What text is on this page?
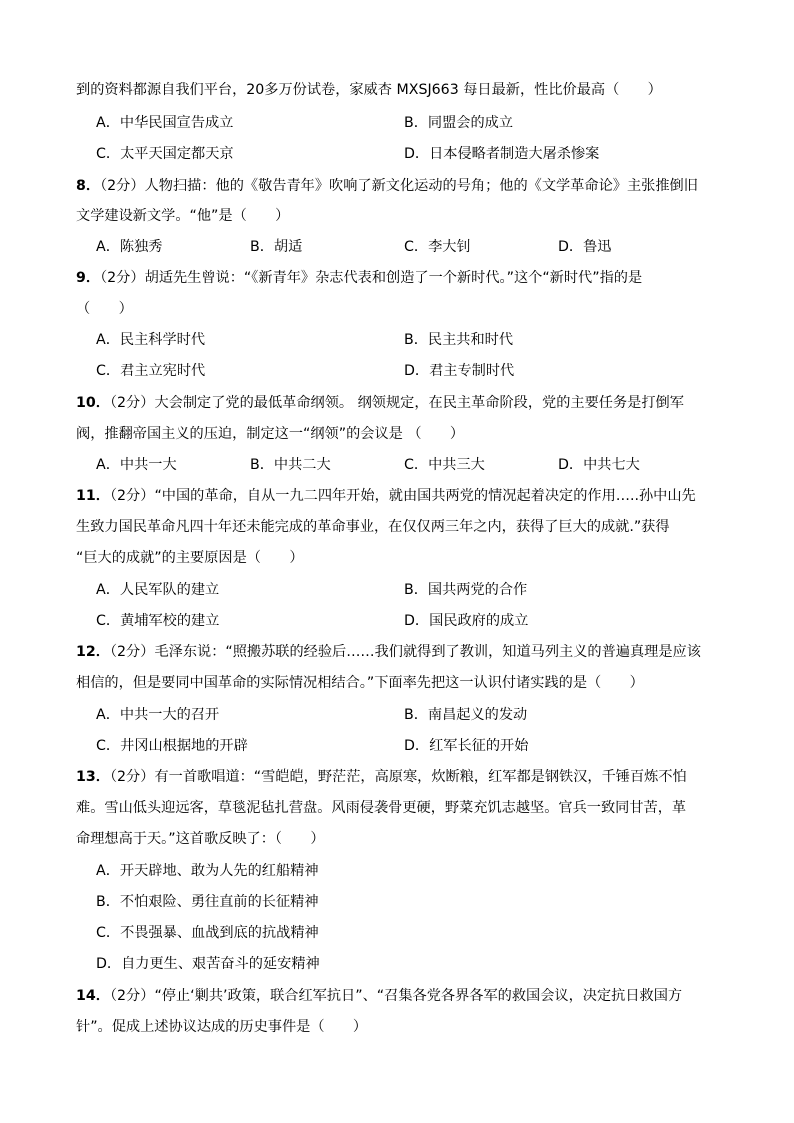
到的资料都源自我们平台，20多万份试卷，家威杏 MXSJ663 每日最新，性比价最高（　　）
A．中华民国宣告成立	B．同盟会的成立
C．太平天国定都天京	D．日本侵略者制造大屠杀惨案
8．（2分）人物扫描：他的《敬告青年》吹响了新文化运动的号角；他的《文学革命论》主张推倒旧
文学建设新文学。“他”是（　　）
A．陈独秀	B．胡适	C．李大钊	D．鲁迅
9．（2分）胡适先生曾说：“《新青年》杂志代表和创造了一个新时代。”这个“新时代”指的是
（　　）
A．民主科学时代	B．民主共和时代
C．君主立宪时代	D．君主专制时代
10．（2分）大会制定了党的最低革命纲领。 纲领规定，在民主革命阶段，党的主要任务是打倒军
阀，推翻帝国主义的压迫，制定这一“纲领”的会议是 （　　）
A．中共一大	B．中共二大	C．中共三大	D．中共七大
11．（2分）“中国的革命，自从一九二四年开始，就由国共两党的情况起着决定的作用…..孙中山先
生致力国民革命凡四十年还未能完成的革命事业，在仅仅两三年之内，获得了巨大的成就.”获得
“巨大的成就”的主要原因是（　　）
A．人民军队的建立	B．国共两党的合作
C．黄埔军校的建立	D．国民政府的成立
12．（2分）毛泽东说：“照搬苏联的经验后……我们就得到了教训，知道马列主义的普遍真理是应该
相信的，但是要同中国革命的实际情况相结合。”下面率先把这一认识付诸实践的是（　　）
A．中共一大的召开	B．南昌起义的发动
C．井冈山根据地的开辟	D．红军长征的开始
13．（2分）有一首歌唱道：“雪皑皑，野茫茫，高原寒，炊断粮，红军都是钢铁汉，千锤百炼不怕
难。雪山低头迎远客，草毯泥毡扎营盘。风雨侵袭骨更硬，野菜充饥志越坚。官兵一致同甘苦，革
命理想高于天。”这首歌反映了：（　　）
A．开天辟地、敢为人先的红船精神
B．不怕艰险、勇往直前的长征精神
C．不畏强暴、血战到底的抗战精神
D．自力更生、艰苦奋斗的延安精神
14．（2分）“停止‘剿共’政策，联合红军抗日”、“召集各党各界各军的救国会议，决定抗日救国方
针”。促成上述协议达成的历史事件是（　　）
